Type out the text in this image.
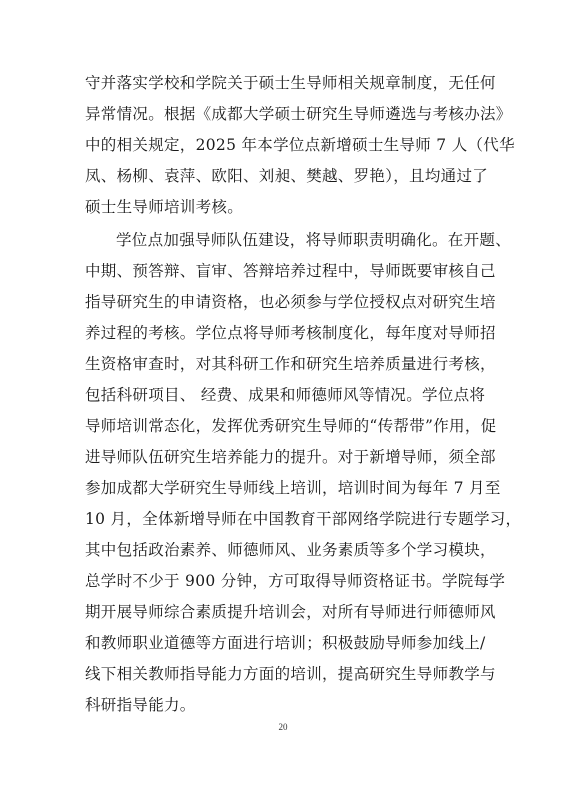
守并落实学校和学院关于硕士生导师相关规章制度，无任何
异常情况。根据《成都大学硕士研究生导师遴选与考核办法》
中的相关规定，2025 年本学位点新增硕士生导师 7 人（代华
凤、杨柳、袁萍、欧阳、刘昶、樊越、罗艳），且均通过了
硕士生导师培训考核。
学位点加强导师队伍建设，将导师职责明确化。在开题、
中期、预答辩、盲审、答辩培养过程中，导师既要审核自己
指导研究生的申请资格，也必须参与学位授权点对研究生培
养过程的考核。学位点将导师考核制度化，每年度对导师招
生资格审查时，对其科研工作和研究生培养质量进行考核，
包括科研项目、 经费、成果和师德师风等情况。学位点将
导师培训常态化，发挥优秀研究生导师的“传帮带”作用，促
进导师队伍研究生培养能力的提升。对于新增导师，须全部
参加成都大学研究生导师线上培训，培训时间为每年 7 月至
10 月，全体新增导师在中国教育干部网络学院进行专题学习，
其中包括政治素养、师德师风、业务素质等多个学习模块，
总学时不少于 900 分钟，方可取得导师资格证书。学院每学
期开展导师综合素质提升培训会，对所有导师进行师德师风
和教师职业道德等方面进行培训；积极鼓励导师参加线上/
线下相关教师指导能力方面的培训，提高研究生导师教学与
科研指导能力。
20
